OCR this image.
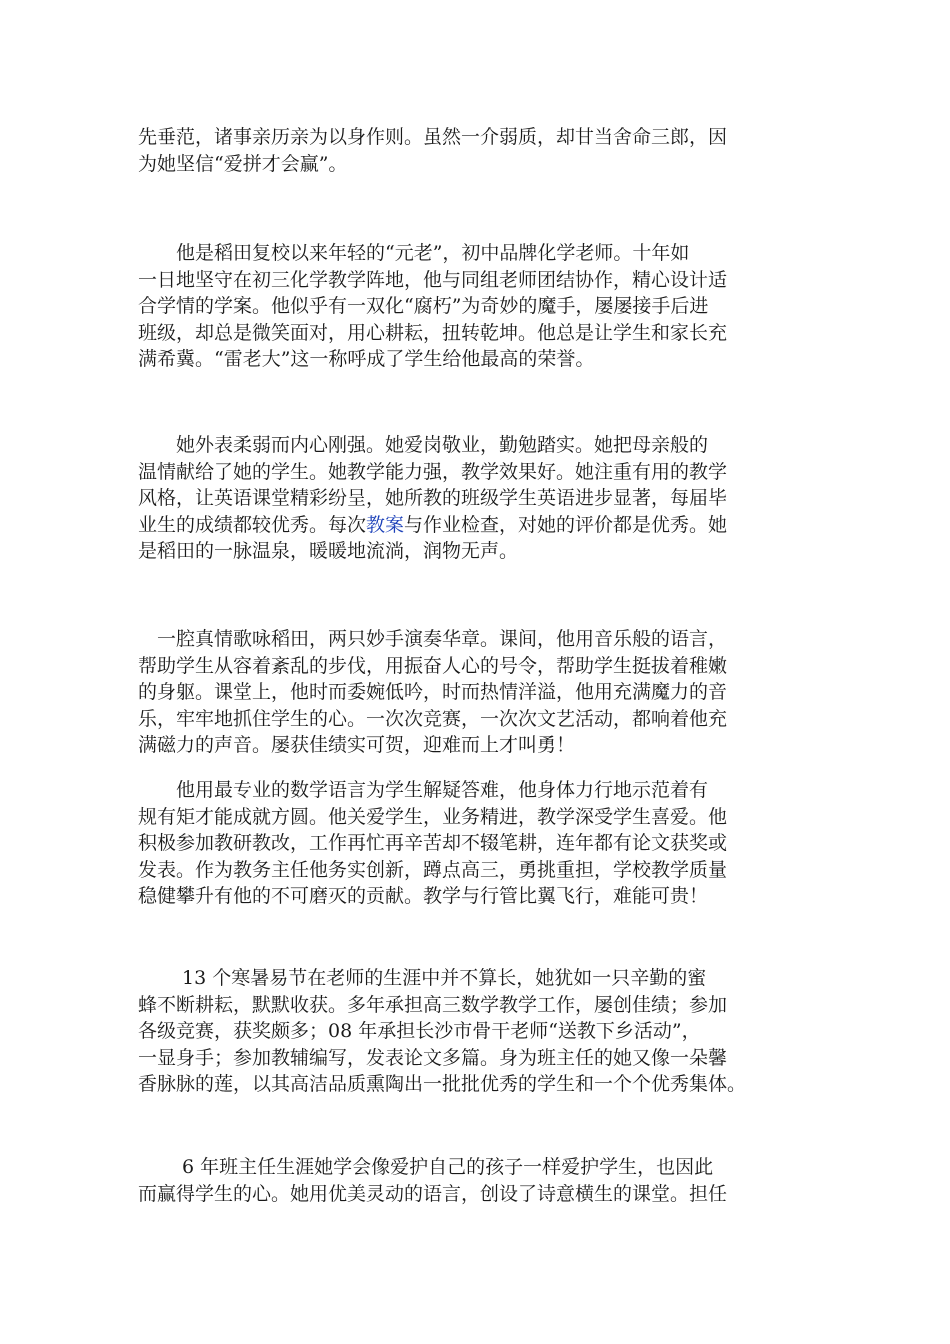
先垂范，诸事亲历亲为以身作则。虽然一介弱质，却甘当舍命三郎，因
为她坚信“爱拼才会赢”。

　　他是稻田复校以来年轻的“元老”，初中品牌化学老师。十年如
一日地坚守在初三化学教学阵地，他与同组老师团结协作，精心设计适
合学情的学案。他似乎有一双化“腐朽”为奇妙的魔手，屡屡接手后进
班级，却总是微笑面对，用心耕耘，扭转乾坤。他总是让学生和家长充
满希冀。“雷老大”这一称呼成了学生给他最高的荣誉。

　　她外表柔弱而内心刚强。她爱岗敬业，勤勉踏实。她把母亲般的
温情献给了她的学生。她教学能力强，教学效果好。她注重有用的教学
风格，让英语课堂精彩纷呈，她所教的班级学生英语进步显著，每届毕
业生的成绩都较优秀。每次教案与作业检查，对她的评价都是优秀。她
是稻田的一脉温泉，暖暖地流淌，润物无声。

　一腔真情歌咏稻田，两只妙手演奏华章。课间，他用音乐般的语言，
帮助学生从容着紊乱的步伐，用振奋人心的号令，帮助学生挺拔着稚嫩
的身躯。课堂上，他时而委婉低吟，时而热情洋溢，他用充满魔力的音
乐，牢牢地抓住学生的心。一次次竞赛，一次次文艺活动，都响着他充
满磁力的声音。屡获佳绩实可贺，迎难而上才叫勇！

　　他用最专业的数学语言为学生解疑答难，他身体力行地示范着有
规有矩才能成就方圆。他关爱学生，业务精进，教学深受学生喜爱。他
积极参加教研教改，工作再忙再辛苦却不辍笔耕，连年都有论文获奖或
发表。作为教务主任他务实创新，蹲点高三，勇挑重担，学校教学质量
稳健攀升有他的不可磨灭的贡献。教学与行管比翼飞行，难能可贵！

　　 13 个寒暑易节在老师的生涯中并不算长，她犹如一只辛勤的蜜
蜂不断耕耘，默默收获。多年承担高三数学教学工作，屡创佳绩；参加
各级竞赛，获奖颇多；08 年承担长沙市骨干老师“送教下乡活动”，
一显身手；参加教辅编写，发表论文多篇。身为班主任的她又像一朵馨
香脉脉的莲，以其高洁品质熏陶出一批批优秀的学生和一个个优秀集体。

　　 6 年班主任生涯她学会像爱护自己的孩子一样爱护学生，也因此
而赢得学生的心。她用优美灵动的语言，创设了诗意横生的课堂。担任
